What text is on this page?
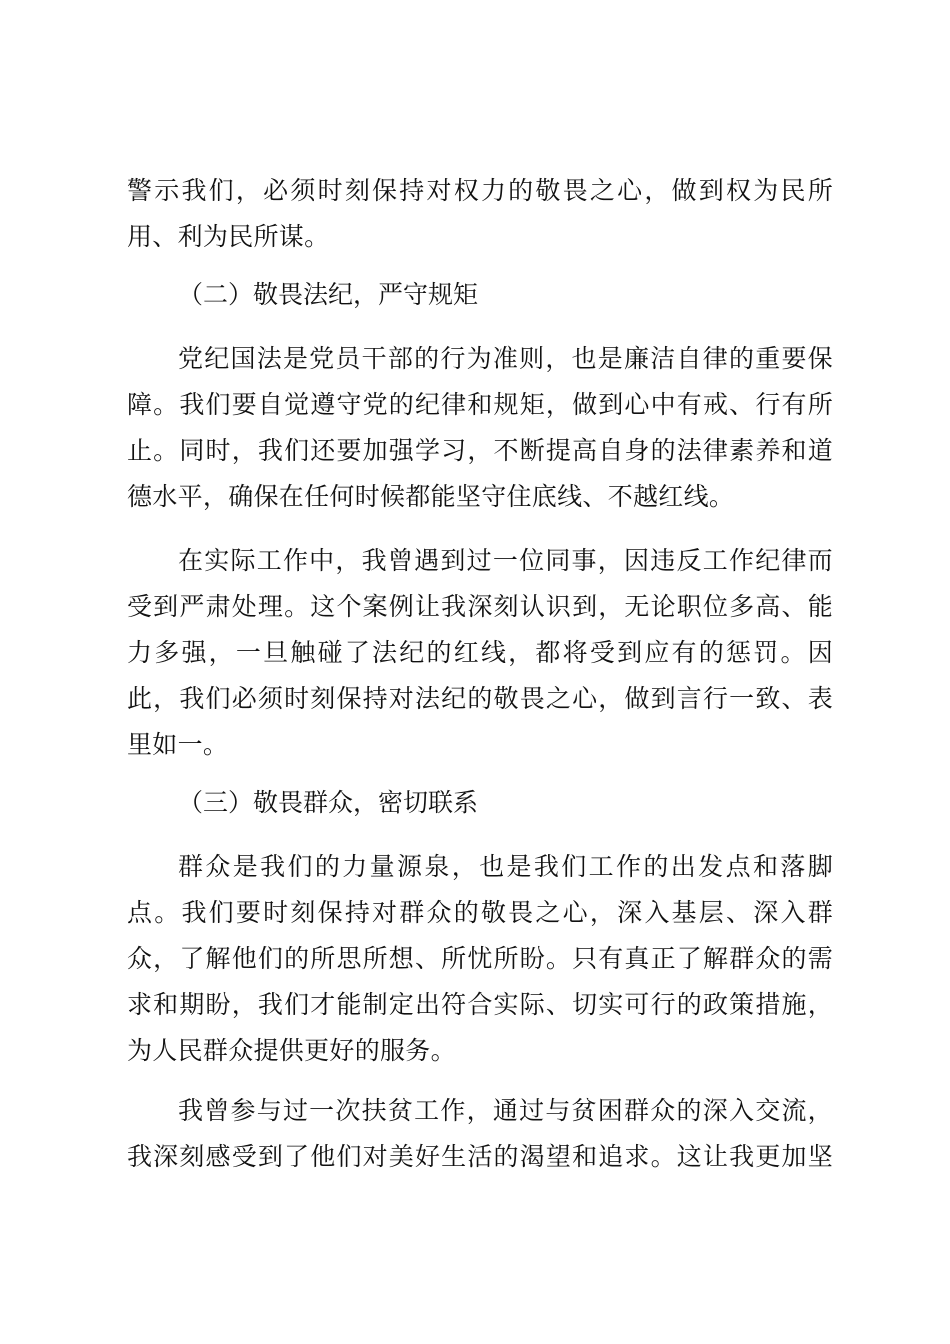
警示我们，必须时刻保持对权力的敬畏之心，做到权为民所
用、利为民所谋。

（二）敬畏法纪，严守规矩

党纪国法是党员干部的行为准则，也是廉洁自律的重要保
障。我们要自觉遵守党的纪律和规矩，做到心中有戒、行有所
止。同时，我们还要加强学习，不断提高自身的法律素养和道
德水平，确保在任何时候都能坚守住底线、不越红线。

在实际工作中，我曾遇到过一位同事，因违反工作纪律而
受到严肃处理。这个案例让我深刻认识到，无论职位多高、能
力多强，一旦触碰了法纪的红线，都将受到应有的惩罚。因
此，我们必须时刻保持对法纪的敬畏之心，做到言行一致、表
里如一。

（三）敬畏群众，密切联系

群众是我们的力量源泉，也是我们工作的出发点和落脚
点。我们要时刻保持对群众的敬畏之心，深入基层、深入群
众，了解他们的所思所想、所忧所盼。只有真正了解群众的需
求和期盼，我们才能制定出符合实际、切实可行的政策措施，
为人民群众提供更好的服务。

我曾参与过一次扶贫工作，通过与贫困群众的深入交流，
我深刻感受到了他们对美好生活的渴望和追求。这让我更加坚
